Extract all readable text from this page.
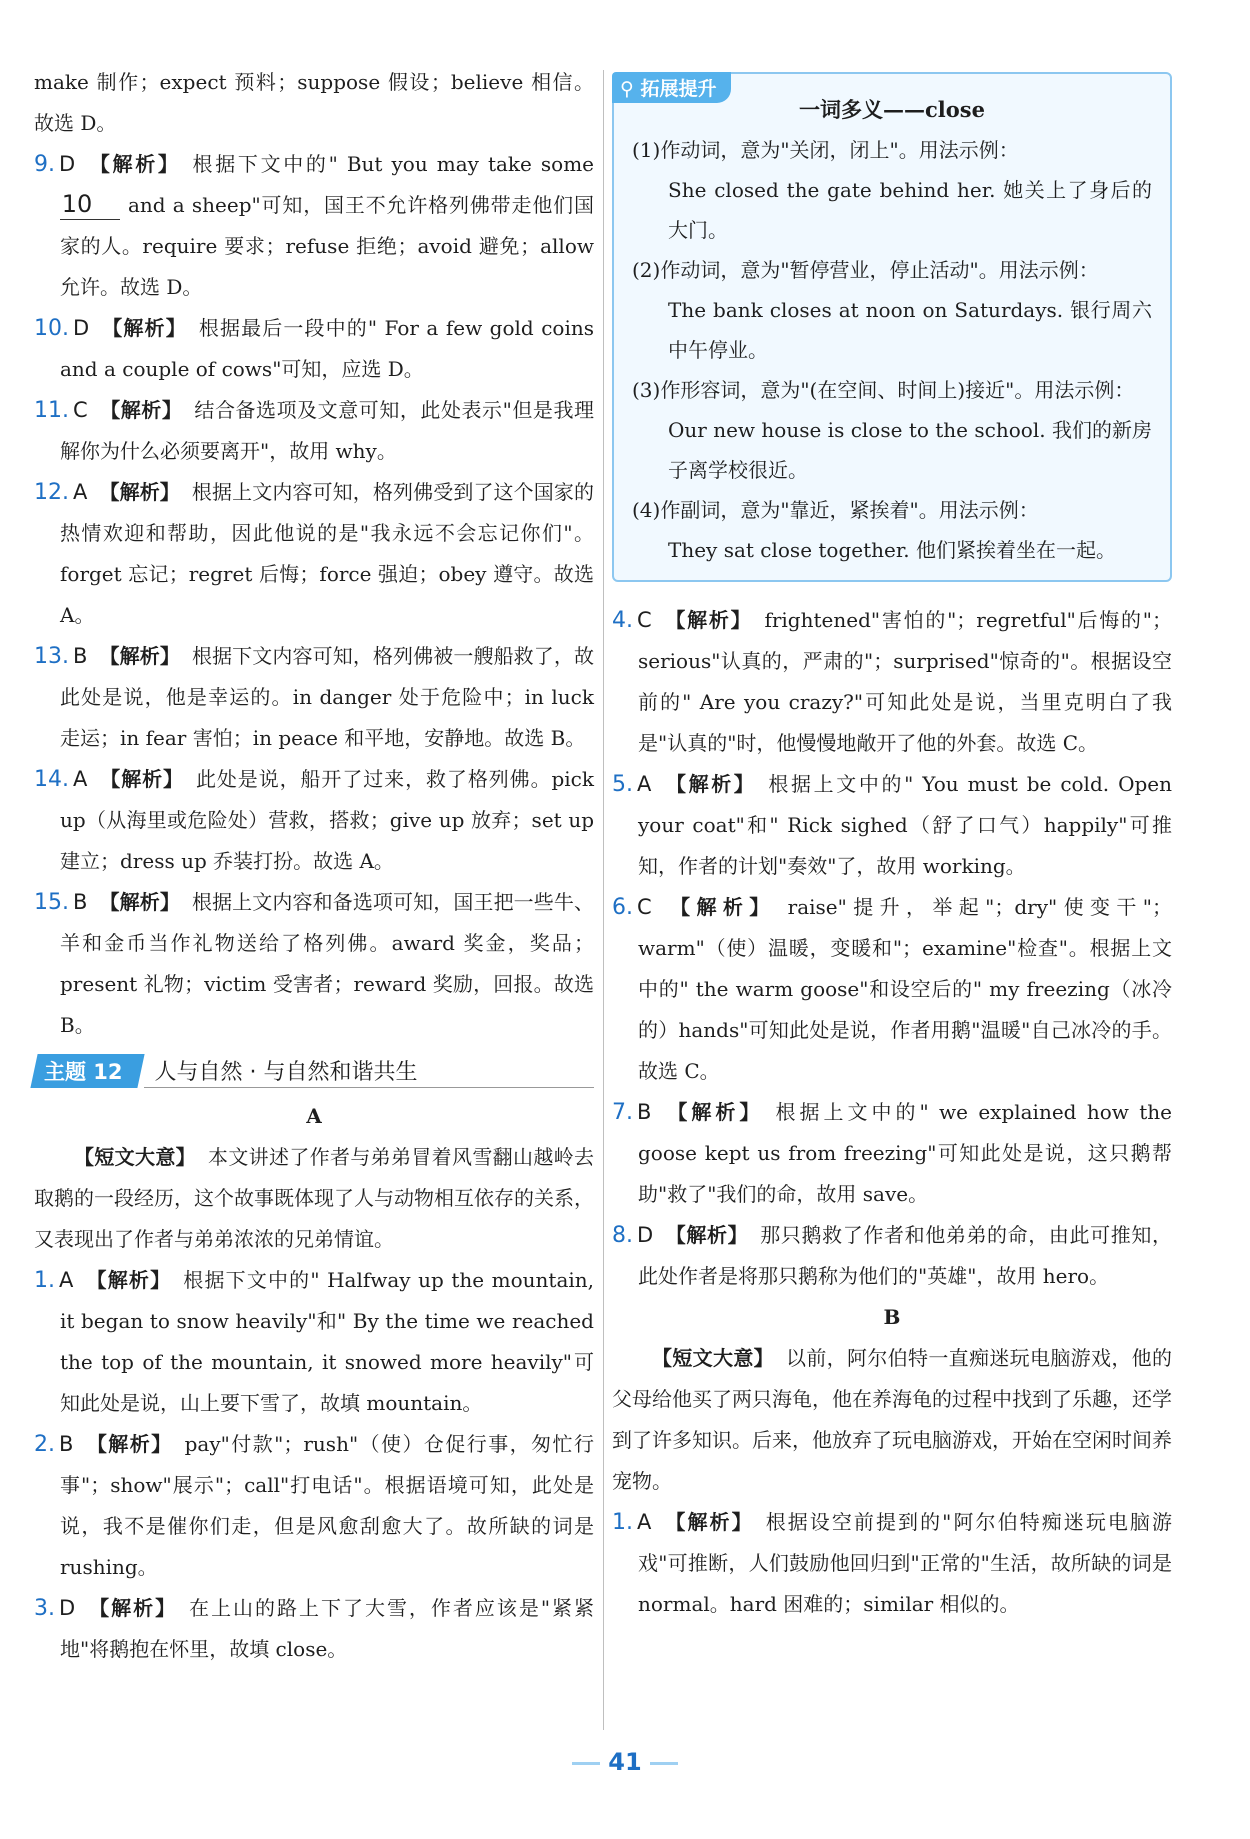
make 制作；expect 预料；suppose 假设；believe 相信。故选 D。

9. D 【解析】 根据下文中的" But you may take some 10 and a sheep"可知，国王不允许格列佛带走他们国家的人。require 要求；refuse 拒绝；avoid 避免；allow 允许。故选 D。

10. D 【解析】 根据最后一段中的" For a few gold coins and a couple of cows"可知，应选 D。

11. C 【解析】 结合备选项及文意可知，此处表示"但是我理解你为什么必须要离开"，故用 why。

12. A 【解析】 根据上文内容可知，格列佛受到了这个国家的热情欢迎和帮助，因此他说的是"我永远不会忘记你们"。forget 忘记；regret 后悔；force 强迫；obey 遵守。故选 A。

13. B 【解析】 根据下文内容可知，格列佛被一艘船救了，故此处是说，他是幸运的。in danger 处于危险中；in luck 走运；in fear 害怕；in peace 和平地，安静地。故选 B。

14. A 【解析】 此处是说，船开了过来，救了格列佛。pick up（从海里或危险处）营救，搭救；give up 放弃；set up 建立；dress up 乔装打扮。故选 A。

15. B 【解析】 根据上文内容和备选项可知，国王把一些牛、羊和金币当作礼物送给了格列佛。award 奖金，奖品；present 礼物；victim 受害者；reward 奖励，回报。故选 B。

主题 12 人与自然 · 与自然和谐共生

A

【短文大意】 本文讲述了作者与弟弟冒着风雪翻山越岭去取鹅的一段经历，这个故事既体现了人与动物相互依存的关系，又表现出了作者与弟弟浓浓的兄弟情谊。

1. A 【解析】 根据下文中的" Halfway up the mountain, it began to snow heavily"和" By the time we reached the top of the mountain, it snowed more heavily"可知此处是说，山上要下雪了，故填 mountain。

2. B 【解析】 pay"付款"；rush"（使）仓促行事，匆忙行事"；show"展示"；call"打电话"。根据语境可知，此处是说，我不是催你们走，但是风愈刮愈大了。故所缺的词是 rushing。

3. D 【解析】 在上山的路上下了大雪，作者应该是"紧紧地"将鹅抱在怀里，故填 close。

⚲ 拓展提升

一词多义——close

(1)作动词，意为"关闭，闭上"。用法示例：

She closed the gate behind her. 她关上了身后的大门。

(2)作动词，意为"暂停营业，停止活动"。用法示例：

The bank closes at noon on Saturdays. 银行周六中午停业。

(3)作形容词，意为"(在空间、时间上)接近"。用法示例：

Our new house is close to the school. 我们的新房子离学校很近。

(4)作副词，意为"靠近，紧挨着"。用法示例：

They sat close together. 他们紧挨着坐在一起。

4. C 【解析】 frightened"害怕的"；regretful"后悔的"；serious"认真的，严肃的"；surprised"惊奇的"。根据设空前的" Are you crazy?"可知此处是说，当里克明白了我是"认真的"时，他慢慢地敞开了他的外套。故选 C。

5. A 【解析】 根据上文中的" You must be cold. Open your coat"和" Rick sighed（舒了口气）happily"可推知，作者的计划"奏效"了，故用 working。

6. C 【解析】 raise"提升，举起"；dry"使变干"；warm"（使）温暖，变暖和"；examine"检查"。根据上文中的" the warm goose"和设空后的" my freezing（冰冷的）hands"可知此处是说，作者用鹅"温暖"自己冰冷的手。故选 C。

7. B 【解析】 根据上文中的" we explained how the goose kept us from freezing"可知此处是说，这只鹅帮助"救了"我们的命，故用 save。

8. D 【解析】 那只鹅救了作者和他弟弟的命，由此可推知，此处作者是将那只鹅称为他们的"英雄"，故用 hero。

B

【短文大意】 以前，阿尔伯特一直痴迷玩电脑游戏，他的父母给他买了两只海龟，他在养海龟的过程中找到了乐趣，还学到了许多知识。后来，他放弃了玩电脑游戏，开始在空闲时间养宠物。

1. A 【解析】 根据设空前提到的"阿尔伯特痴迷玩电脑游戏"可推断，人们鼓励他回归到"正常的"生活，故所缺的词是 normal。hard 困难的；similar 相似的。

41
